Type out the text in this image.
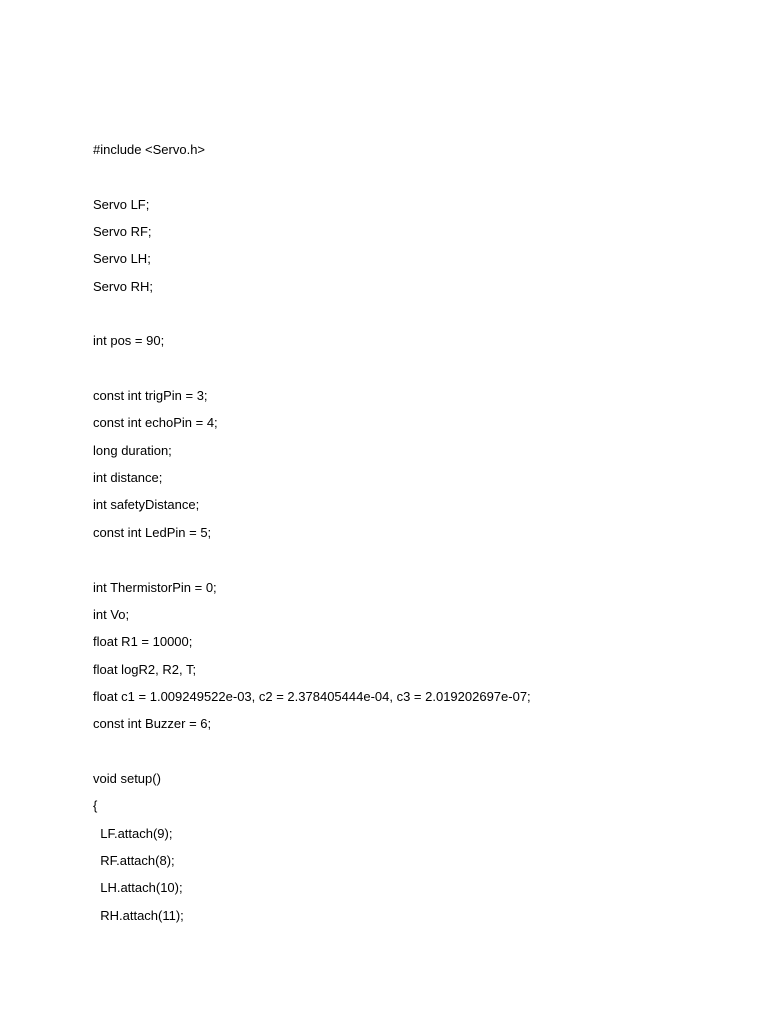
#include <Servo.h>
Servo LF;
Servo RF;
Servo LH;
Servo RH;
int pos = 90;
const int trigPin = 3;
const int echoPin = 4;
long duration;
int distance;
int safetyDistance;
const int LedPin = 5;
int ThermistorPin = 0;
int Vo;
float R1 = 10000;
float logR2, R2, T;
float c1 = 1.009249522e-03, c2 = 2.378405444e-04, c3 = 2.019202697e-07;
const int Buzzer = 6;
void setup()
{
LF.attach(9);
RF.attach(8);
LH.attach(10);
RH.attach(11);
